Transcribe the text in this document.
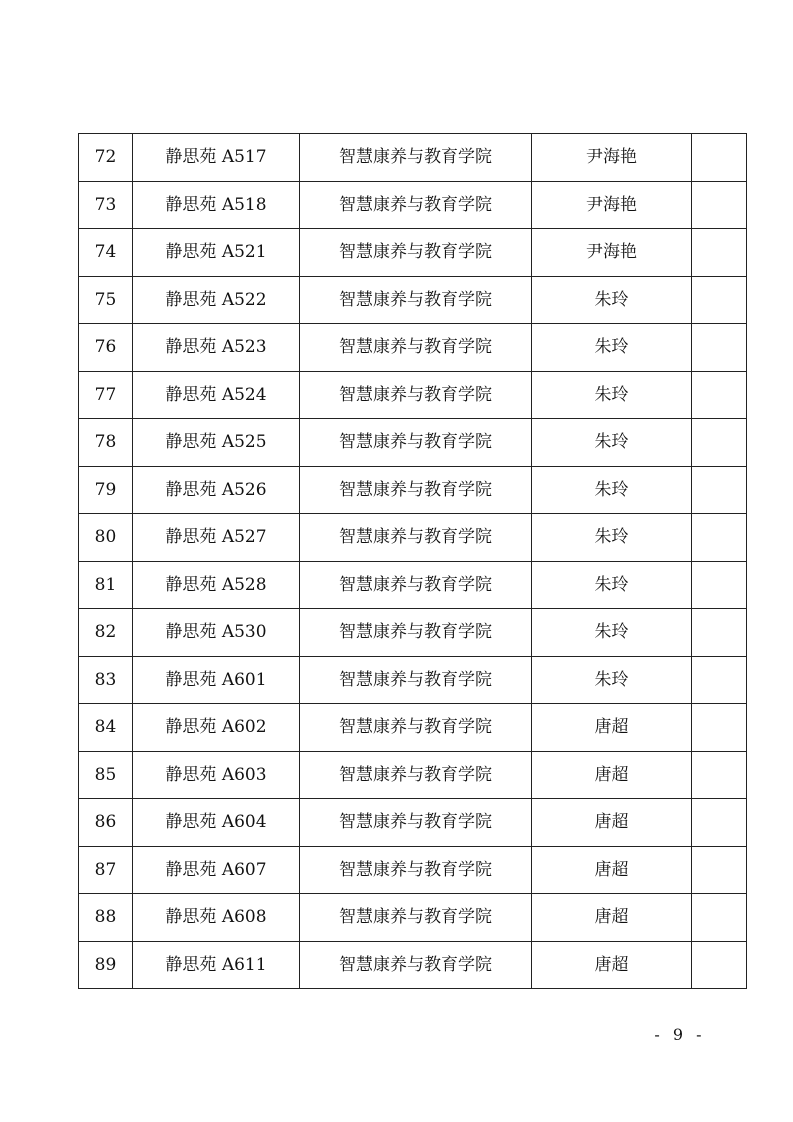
72	静思苑 A517	智慧康养与教育学院	尹海艳	
73	静思苑 A518	智慧康养与教育学院	尹海艳	
74	静思苑 A521	智慧康养与教育学院	尹海艳	
75	静思苑 A522	智慧康养与教育学院	朱玲	
76	静思苑 A523	智慧康养与教育学院	朱玲	
77	静思苑 A524	智慧康养与教育学院	朱玲	
78	静思苑 A525	智慧康养与教育学院	朱玲	
79	静思苑 A526	智慧康养与教育学院	朱玲	
80	静思苑 A527	智慧康养与教育学院	朱玲	
81	静思苑 A528	智慧康养与教育学院	朱玲	
82	静思苑 A530	智慧康养与教育学院	朱玲	
83	静思苑 A601	智慧康养与教育学院	朱玲	
84	静思苑 A602	智慧康养与教育学院	唐超	
85	静思苑 A603	智慧康养与教育学院	唐超	
86	静思苑 A604	智慧康养与教育学院	唐超	
87	静思苑 A607	智慧康养与教育学院	唐超	
88	静思苑 A608	智慧康养与教育学院	唐超	
89	静思苑 A611	智慧康养与教育学院	唐超	
- 9 -
